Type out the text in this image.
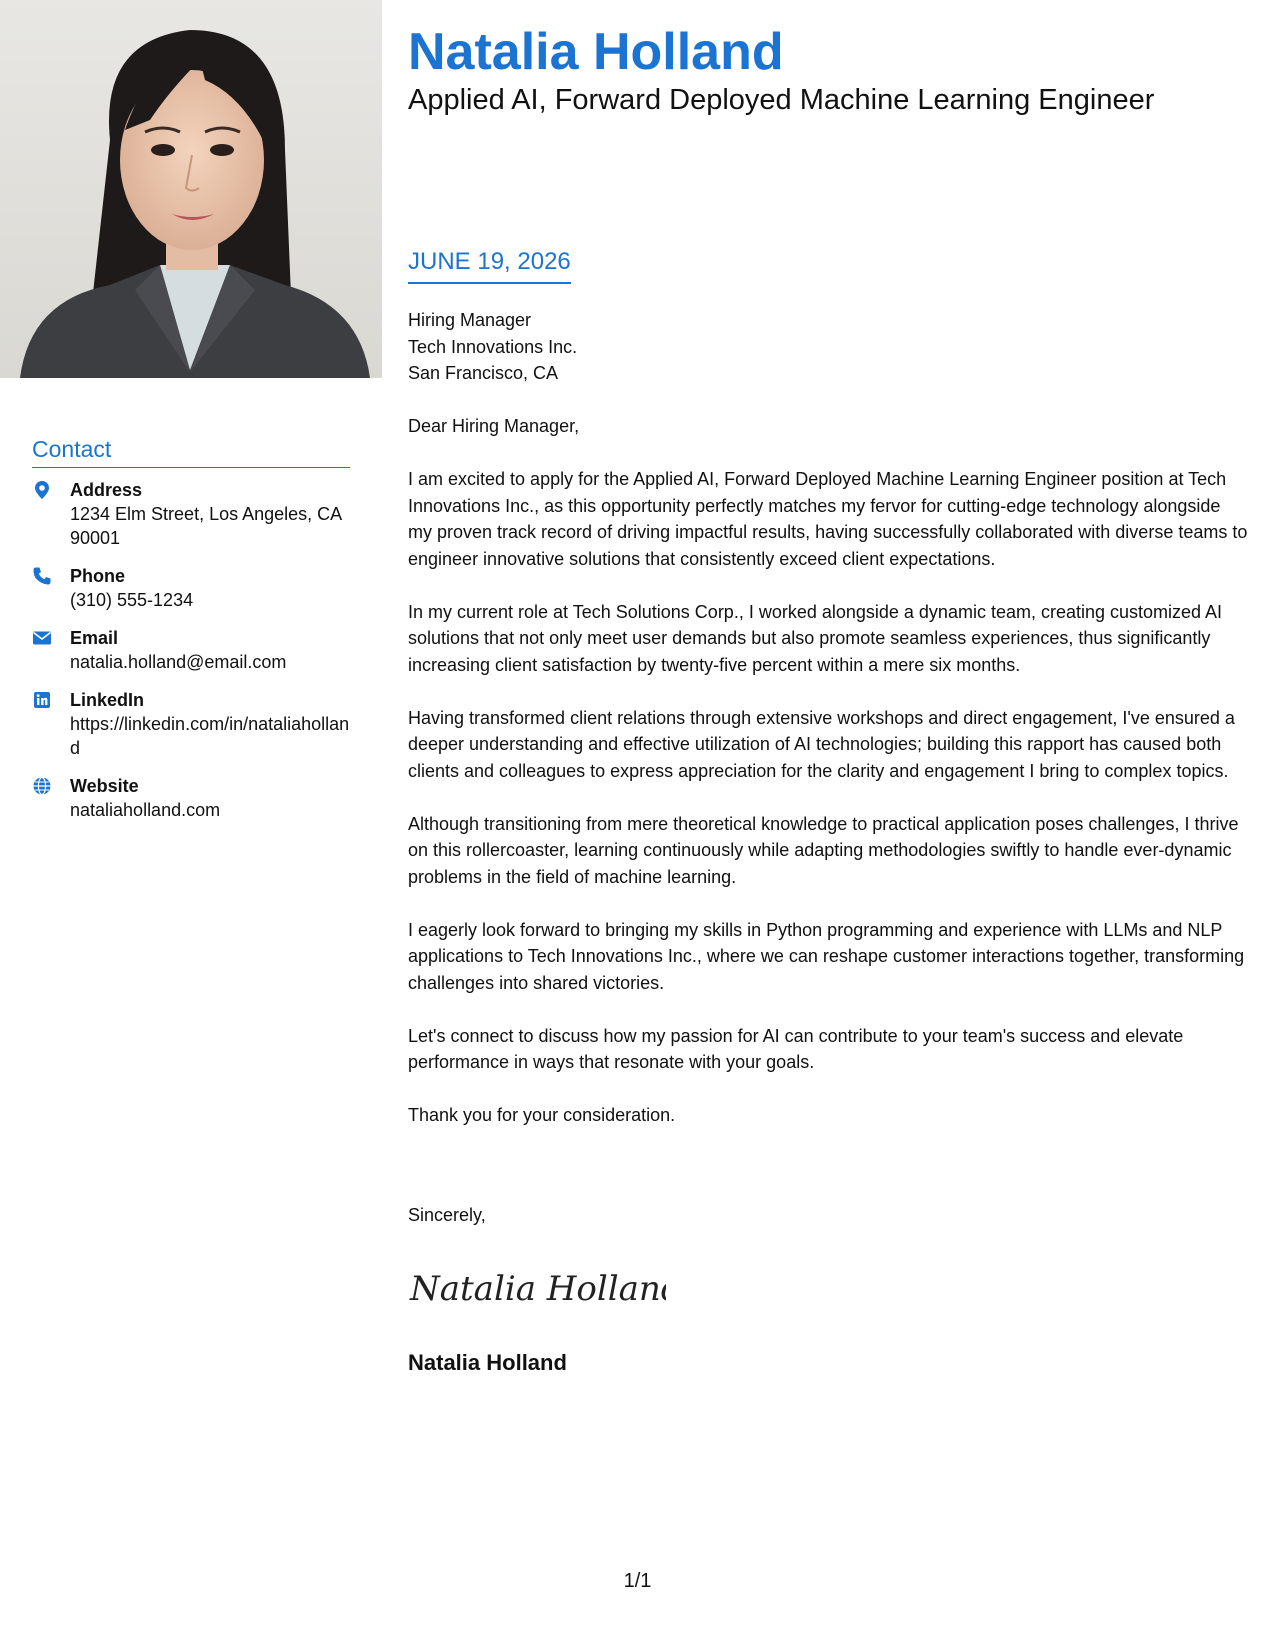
Contact
Address
1234 Elm Street, Los Angeles, CA 90001
Phone
(310) 555-1234
Email
natalia.holland@email.com
LinkedIn
https://linkedin.com/in/nataliaholland
Website
nataliaholland.com
Natalia Holland
Applied AI, Forward Deployed Machine Learning Engineer
JUNE 19, 2026
Hiring Manager
Tech Innovations Inc.
San Francisco, CA

Dear Hiring Manager,

I am excited to apply for the Applied AI, Forward Deployed Machine Learning Engineer position at Tech Innovations Inc., as this opportunity perfectly matches my fervor for cutting-edge technology alongside my proven track record of driving impactful results, having successfully collaborated with diverse teams to engineer innovative solutions that consistently exceed client expectations.

In my current role at Tech Solutions Corp., I worked alongside a dynamic team, creating customized AI solutions that not only meet user demands but also promote seamless experiences, thus significantly increasing client satisfaction by twenty-five percent within a mere six months.

Having transformed client relations through extensive workshops and direct engagement, I've ensured a deeper understanding and effective utilization of AI technologies; building this rapport has caused both clients and colleagues to express appreciation for the clarity and engagement I bring to complex topics.

Although transitioning from mere theoretical knowledge to practical application poses challenges, I thrive on this rollercoaster, learning continuously while adapting methodologies swiftly to handle ever-dynamic problems in the field of machine learning.

I eagerly look forward to bringing my skills in Python programming and experience with LLMs and NLP applications to Tech Innovations Inc., where we can reshape customer interactions together, transforming challenges into shared victories.

Let's connect to discuss how my passion for AI can contribute to your team's success and elevate performance in ways that resonate with your goals.

Thank you for your consideration.

Sincerely,
Natalia Holland
Natalia Holland
1/1
